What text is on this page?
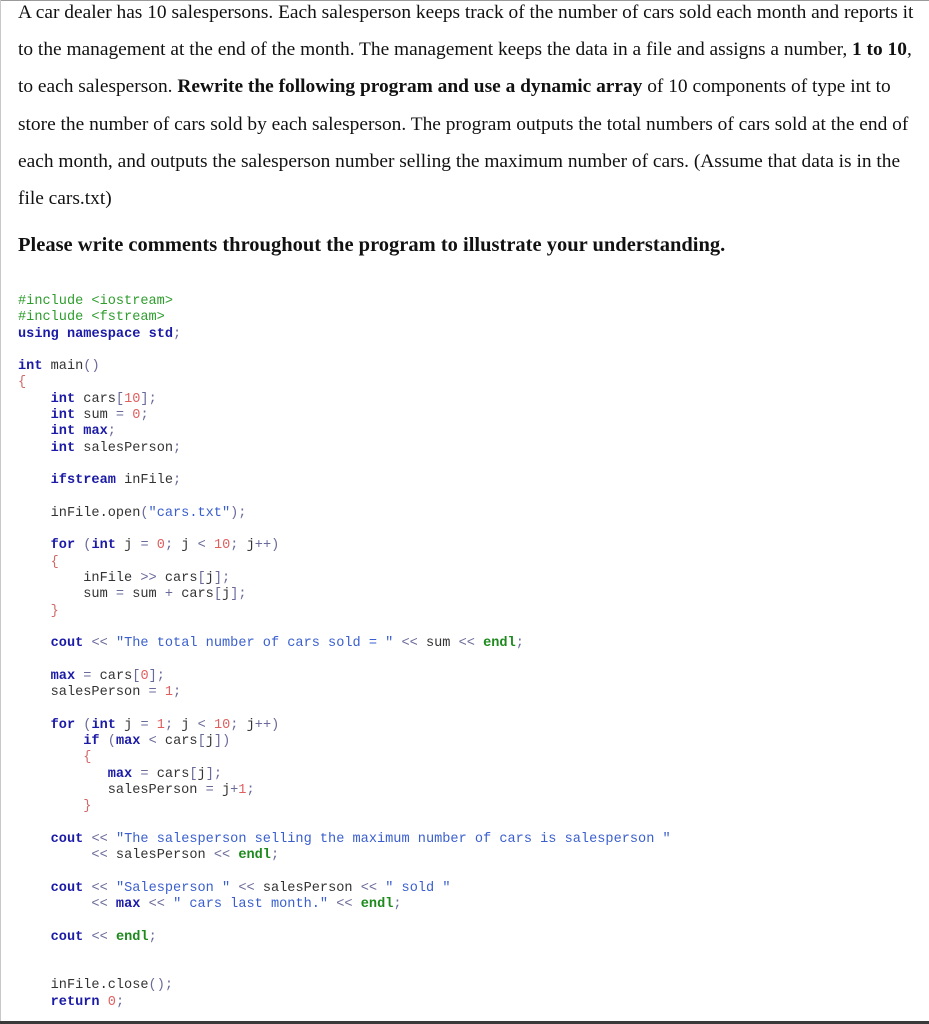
A car dealer has 10 salespersons. Each salesperson keeps track of the number of cars sold each month and reports it to the management at the end of the month. The management keeps the data in a file and assigns a number, 1 to 10, to each salesperson. Rewrite the following program and use a dynamic array of 10 components of type int to store the number of cars sold by each salesperson. The program outputs the total numbers of cars sold at the end of each month, and outputs the salesperson number selling the maximum number of cars. (Assume that data is in the file cars.txt)

Please write comments throughout the program to illustrate your understanding.
#include <iostream>
#include <fstream>
using namespace std;
int main()
{
int cars[10];
int sum = 0;
int max;
int salesPerson;
ifstream inFile;
inFile.open("cars.txt");
for (int j = 0; j < 10; j++)
{
inFile >> cars[j];
sum = sum + cars[j];
}
cout << "The total number of cars sold = " << sum << endl;
max = cars[0];
salesPerson = 1;
for (int j = 1; j < 10; j++)
if (max < cars[j])
{
max = cars[j];
salesPerson = j+1;
}
cout << "The salesperson selling the maximum number of cars is salesperson "
<< salesPerson << endl;
cout << "Salesperson " << salesPerson << " sold "
<< max << " cars last month." << endl;
cout << endl;
inFile.close();
return 0;
